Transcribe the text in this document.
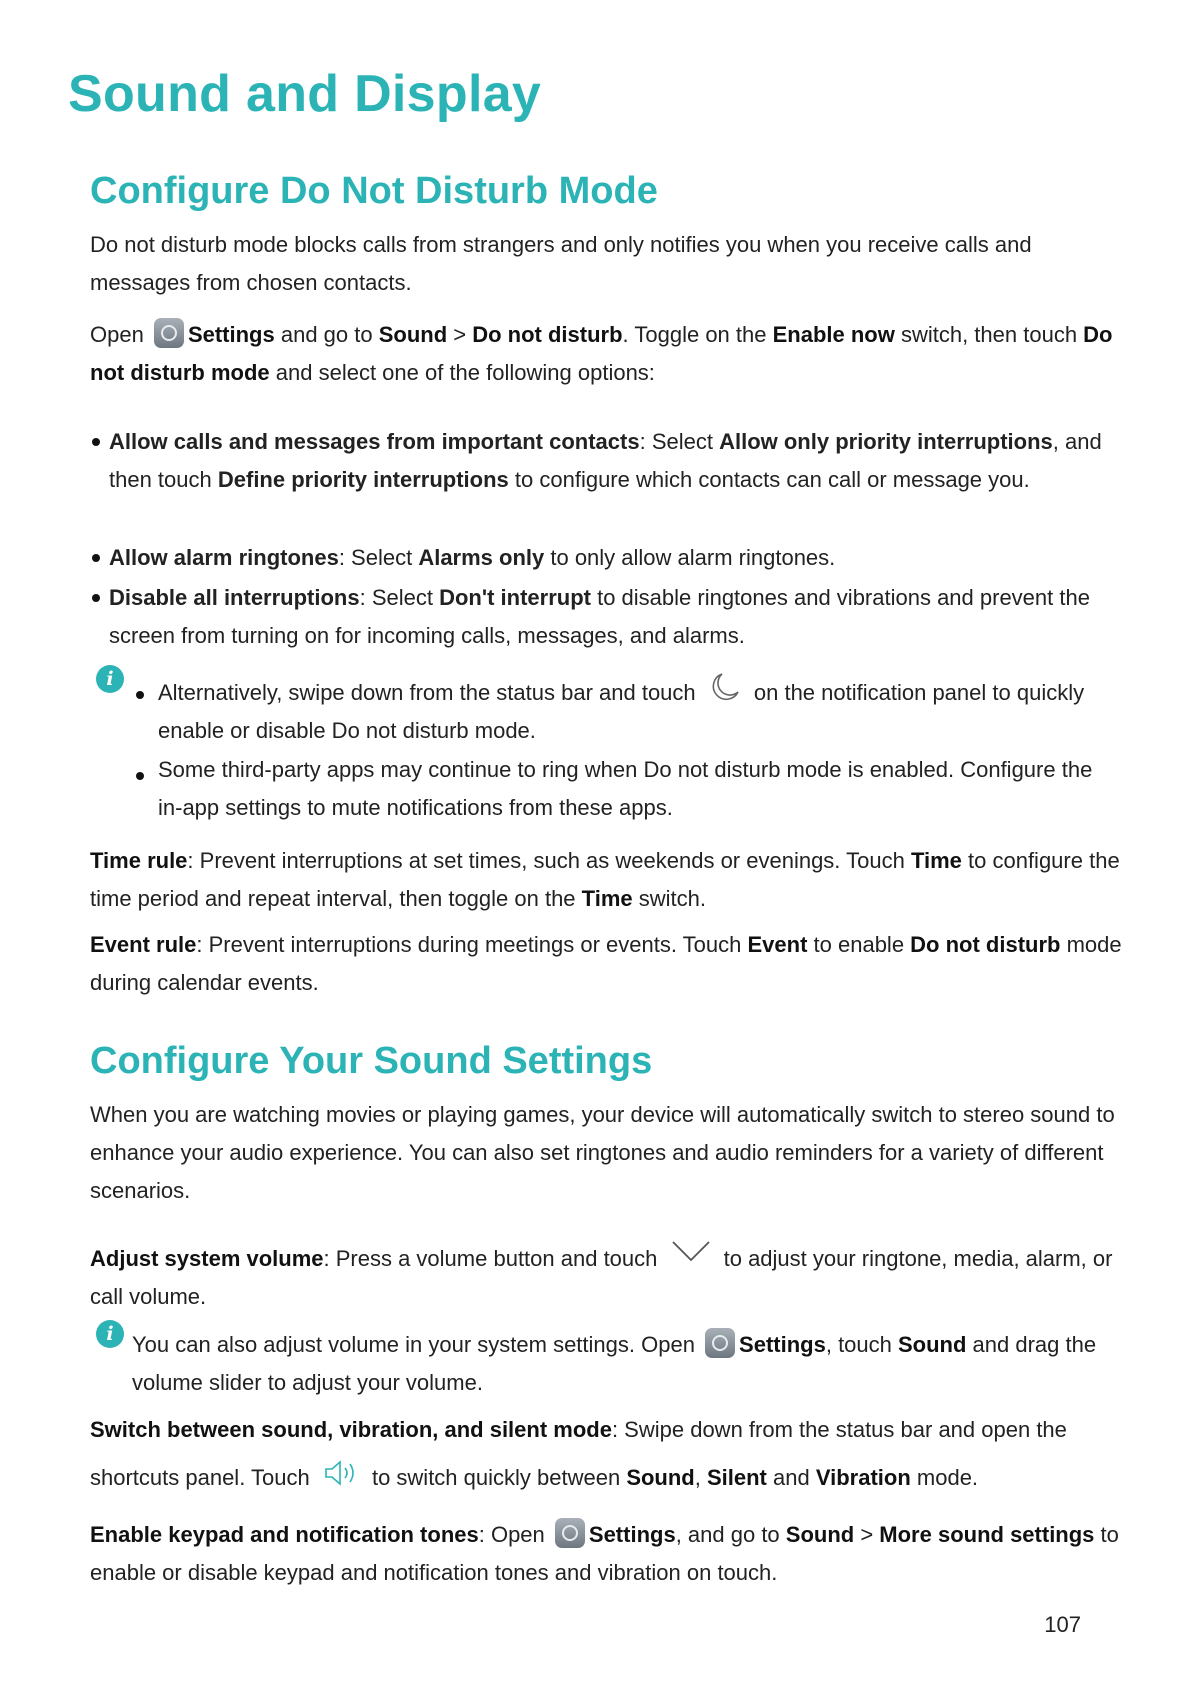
Sound and Display
Configure Do Not Disturb Mode

Do not disturb mode blocks calls from strangers and only notifies you when you receive calls and messages from chosen contacts.

Open Settings and go to Sound > Do not disturb. Toggle on the Enable now switch, then touch Do not disturb mode and select one of the following options:

Allow calls and messages from important contacts: Select Allow only priority interruptions, and then touch Define priority interruptions to configure which contacts can call or message you.

Allow alarm ringtones: Select Alarms only to only allow alarm ringtones.

Disable all interruptions: Select Don't interrupt to disable ringtones and vibrations and prevent the screen from turning on for incoming calls, messages, and alarms.

i

Alternatively, swipe down from the status bar and touch  on the notification panel to quickly enable or disable Do not disturb mode.

Some third-party apps may continue to ring when Do not disturb mode is enabled. Configure the in-app settings to mute notifications from these apps.

Time rule: Prevent interruptions at set times, such as weekends or evenings. Touch Time to configure the time period and repeat interval, then toggle on the Time switch.

Event rule: Prevent interruptions during meetings or events. Touch Event to enable Do not disturb mode during calendar events.

Configure Your Sound Settings

When you are watching movies or playing games, your device will automatically switch to stereo sound to enhance your audio experience. You can also set ringtones and audio reminders for a variety of different scenarios.

Adjust system volume: Press a volume button and touch  to adjust your ringtone, media, alarm, or call volume.

i You can also adjust volume in your system settings. Open Settings, touch Sound and drag the volume slider to adjust your volume.

Switch between sound, vibration, and silent mode: Swipe down from the status bar and open the shortcuts panel. Touch  to switch quickly between Sound, Silent and Vibration mode.

Enable keypad and notification tones: Open Settings, and go to Sound > More sound settings to enable or disable keypad and notification tones and vibration on touch.

107
